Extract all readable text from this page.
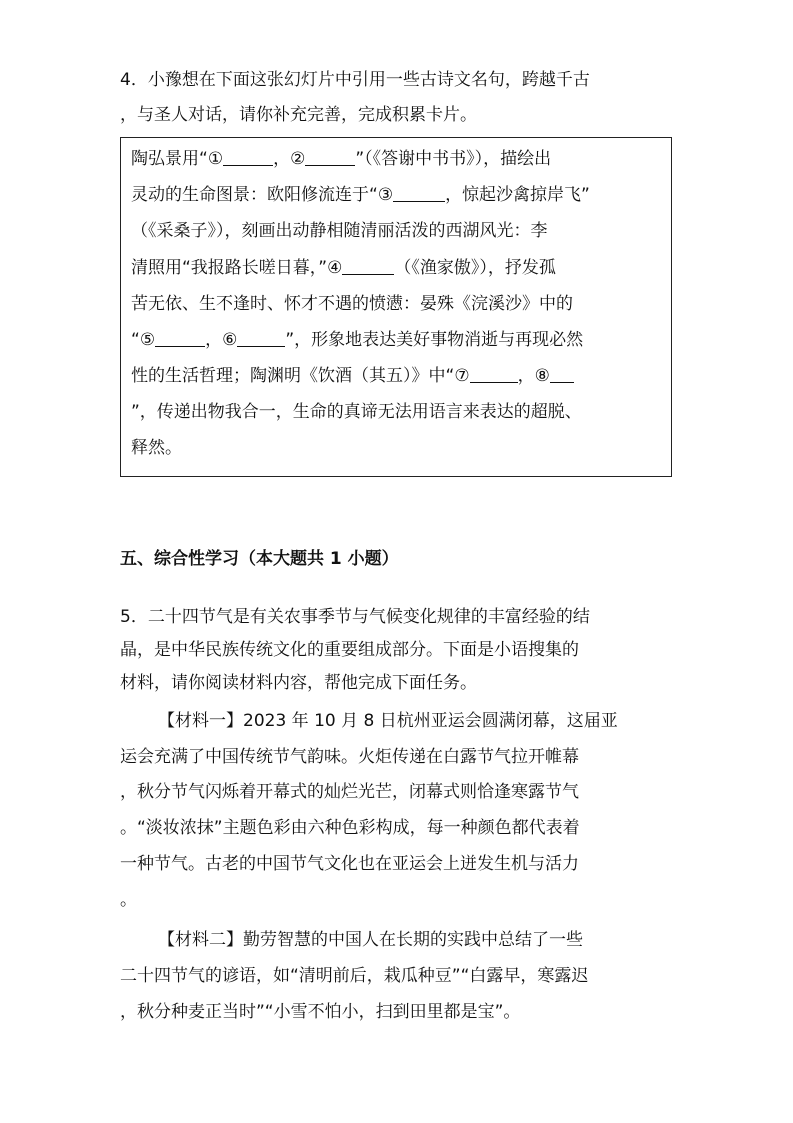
4．小豫想在下面这张幻灯片中引用一些古诗文名句，跨越千古
，与圣人对话，请你补充完善，完成积累卡片。
陶弘景用“①	，②	”（《答谢中书书》），描绘出
灵动的生命图景：欧阳修流连于“③	，惊起沙禽掠岸飞”
（《采桑子》），刻画出动静相随清丽活泼的西湖风光：李
清照用“我报路长嗟日暮，”④	（《渔家傲》），抒发孤
苦无依、生不逢时、怀才不遇的愤懑：晏殊《浣溪沙》中的
“⑤	，⑥	”，形象地表达美好事物消逝与再现必然
性的生活哲理；陶渊明《饮酒（其五）》中“⑦	，⑧
”，传递出物我合一，生命的真谛无法用语言来表达的超脱、
释然。
五、综合性学习（本大题共 1 小题）
5．二十四节气是有关农事季节与气候变化规律的丰富经验的结
晶，是中华民族传统文化的重要组成部分。下面是小语搜集的
材料，请你阅读材料内容，帮他完成下面任务。
【材料一】2023 年 10 月 8 日杭州亚运会圆满闭幕，这届亚
运会充满了中国传统节气韵味。火炬传递在白露节气拉开帷幕
，秋分节气闪烁着开幕式的灿烂光芒，闭幕式则恰逢寒露节气
。“淡妆浓抹”主题色彩由六种色彩构成，每一种颜色都代表着
一种节气。古老的中国节气文化也在亚运会上迸发生机与活力
。
【材料二】勤劳智慧的中国人在长期的实践中总结了一些
二十四节气的谚语，如“清明前后，栽瓜种豆”“白露早，寒露迟
，秋分种麦正当时”“小雪不怕小，扫到田里都是宝”。
